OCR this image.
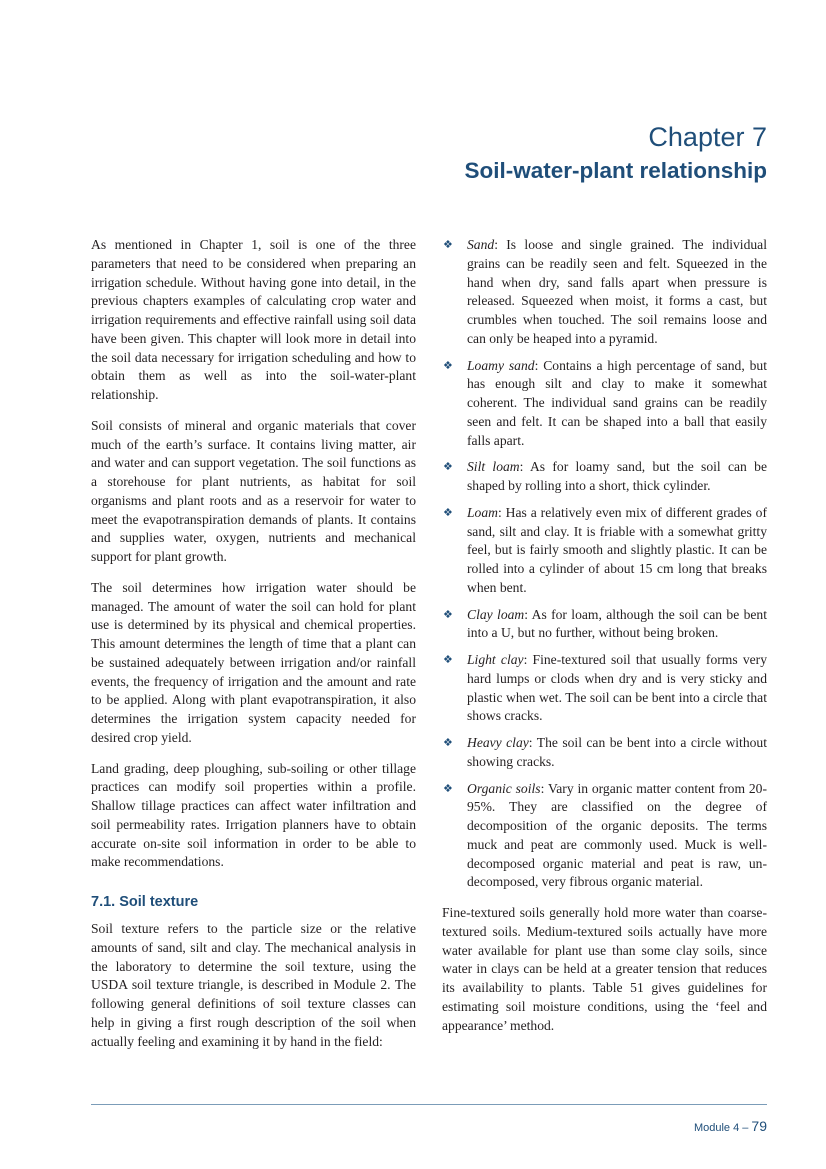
Chapter 7
Soil-water-plant relationship

As mentioned in Chapter 1, soil is one of the three parameters that need to be considered when preparing an irrigation schedule. Without having gone into detail, in the previous chapters examples of calculating crop water and irrigation requirements and effective rainfall using soil data have been given. This chapter will look more in detail into the soil data necessary for irrigation scheduling and how to obtain them as well as into the soil-water-plant relationship.

Soil consists of mineral and organic materials that cover much of the earth’s surface. It contains living matter, air and water and can support vegetation. The soil functions as a storehouse for plant nutrients, as habitat for soil organisms and plant roots and as a reservoir for water to meet the evapotranspiration demands of plants. It contains and supplies water, oxygen, nutrients and mechanical support for plant growth.

The soil determines how irrigation water should be managed. The amount of water the soil can hold for plant use is determined by its physical and chemical properties. This amount determines the length of time that a plant can be sustained adequately between irrigation and/or rainfall events, the frequency of irrigation and the amount and rate to be applied. Along with plant evapotranspiration, it also determines the irrigation system capacity needed for desired crop yield.

Land grading, deep ploughing, sub-soiling or other tillage practices can modify soil properties within a profile. Shallow tillage practices can affect water infiltration and soil permeability rates. Irrigation planners have to obtain accurate on-site soil information in order to be able to make recommendations.

7.1. Soil texture

Soil texture refers to the particle size or the relative amounts of sand, silt and clay. The mechanical analysis in the laboratory to determine the soil texture, using the USDA soil texture triangle, is described in Module 2. The following general definitions of soil texture classes can help in giving a first rough description of the soil when actually feeling and examining it by hand in the field:

❖ Sand: Is loose and single grained. The individual grains can be readily seen and felt. Squeezed in the hand when dry, sand falls apart when pressure is released. Squeezed when moist, it forms a cast, but crumbles when touched. The soil remains loose and can only be heaped into a pyramid.
❖ Loamy sand: Contains a high percentage of sand, but has enough silt and clay to make it somewhat coherent. The individual sand grains can be readily seen and felt. It can be shaped into a ball that easily falls apart.
❖ Silt loam: As for loamy sand, but the soil can be shaped by rolling into a short, thick cylinder.
❖ Loam: Has a relatively even mix of different grades of sand, silt and clay. It is friable with a somewhat gritty feel, but is fairly smooth and slightly plastic. It can be rolled into a cylinder of about 15 cm long that breaks when bent.
❖ Clay loam: As for loam, although the soil can be bent into a U, but no further, without being broken.
❖ Light clay: Fine-textured soil that usually forms very hard lumps or clods when dry and is very sticky and plastic when wet. The soil can be bent into a circle that shows cracks.
❖ Heavy clay: The soil can be bent into a circle without showing cracks.
❖ Organic soils: Vary in organic matter content from 20-95%. They are classified on the degree of decomposition of the organic deposits. The terms muck and peat are commonly used. Muck is well-decomposed organic material and peat is raw, un-decomposed, very fibrous organic material.

Fine-textured soils generally hold more water than coarse-textured soils. Medium-textured soils actually have more water available for plant use than some clay soils, since water in clays can be held at a greater tension that reduces its availability to plants. Table 51 gives guidelines for estimating soil moisture conditions, using the ‘feel and appearance’ method.

Module 4 – 79
